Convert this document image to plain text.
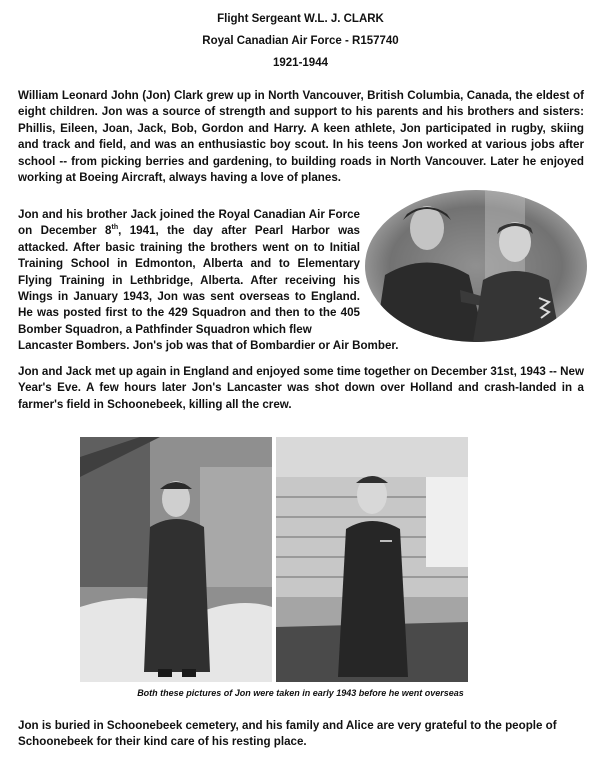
Flight Sergeant W.L. J. CLARK
Royal Canadian Air Force - R157740
1921-1944

William Leonard John (Jon) Clark grew up in North Vancouver, British Columbia, Canada, the eldest of eight children. Jon was a source of strength and support to his parents and his brothers and sisters: Phillis, Eileen, Joan, Jack, Bob, Gordon and Harry. A keen athlete, Jon participated in rugby, skiing and track and field, and was an enthusiastic boy scout. In his teens Jon worked at various jobs after school -- from picking berries and gardening, to building roads in North Vancouver. Later he enjoyed working at Boeing Aircraft, always having a love of planes.

Jon and his brother Jack joined the Royal Canadian Air Force on December 8th, 1941, the day after Pearl Harbor was attacked. After basic training the brothers went on to Initial Training School in Edmonton, Alberta and to Elementary Flying Training in Lethbridge, Alberta. After receiving his Wings in January 1943, Jon was sent overseas to England. He was posted first to the 429 Squadron and then to the 405 Bomber Squadron, a Pathfinder Squadron which flew

Lancaster Bombers. Jon's job was that of Bombardier or Air Bomber.

Jon and Jack met up again in England and enjoyed some time together on December 31st, 1943 -- New Year's Eve. A few hours later Jon's Lancaster was shot down over Holland and crash-landed in a farmer's field in Schoonebeek, killing all the crew.

Both these pictures of Jon were taken in early 1943 before he went overseas

Jon is buried in Schoonebeek cemetery, and his family and Alice are very grateful to the people of Schoonebeek for their kind care of his resting place.
